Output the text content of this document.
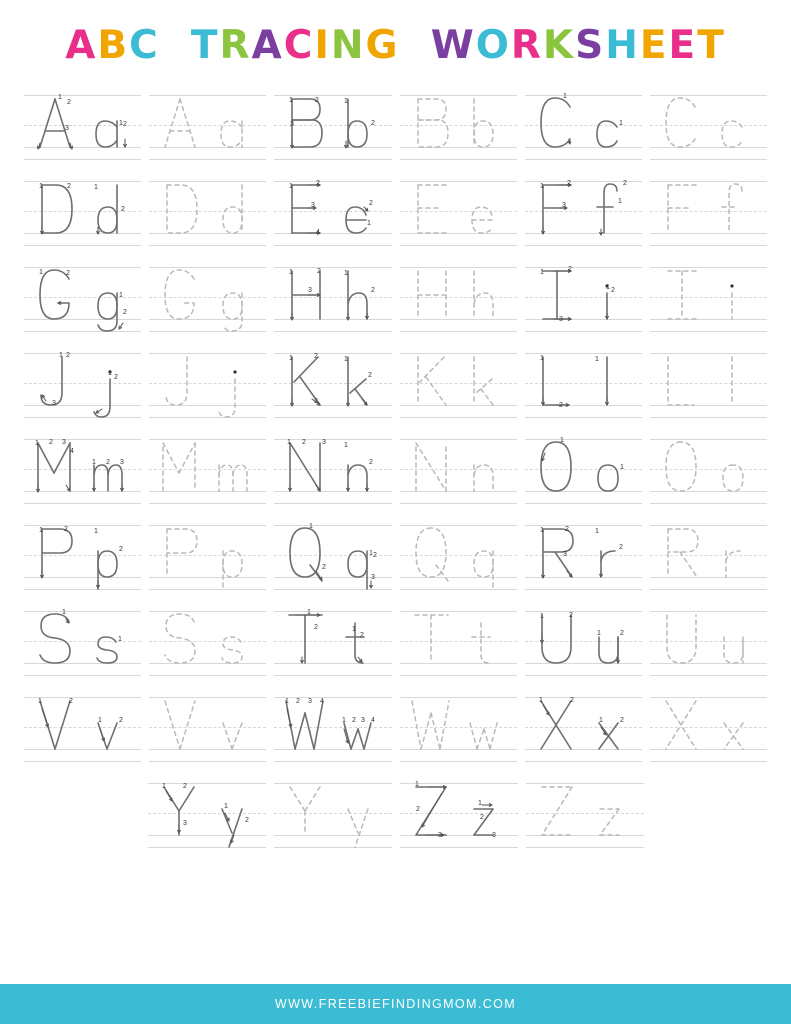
ABC TRACING WORKSHEET
1
2
3
1 2
1	2
3
1
2
1
1
1	2	1
2
1	2
3
4
2
1
1	2
3
1
2
1	2
1
2
1	2
3
1
2
1	2
3
1 2
1 2
3
1
2
1	2
3
1
2
1
2
1
1 2 3
4
1 2 3
1 2 3	1
2
1
1
1	2	1
2
1
2
1 2
3
1	2
3
1
2
1
1
1
2	1
2
1	2
1	2
1	2
1 2
1 2 3 4
1 2 3 4
1	2
1 2
1 2
3
1
2
1
2
3
1
2
3
WWW.FREEBIEFINDINGMOM.COM
